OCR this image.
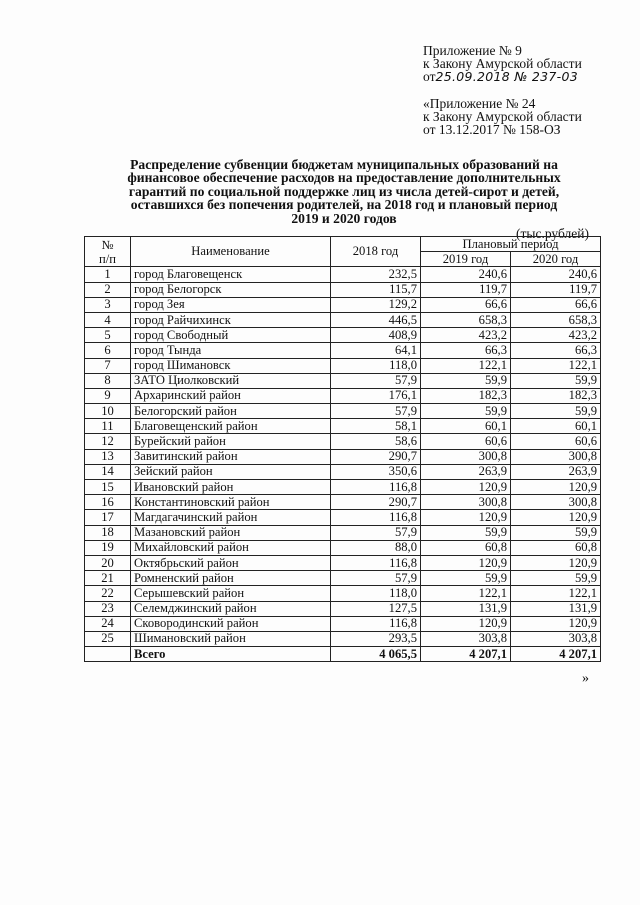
Приложение № 9
к Закону Амурской области
от25.09.2018 № 237-03
«Приложение № 24
к Закону Амурской области
от 13.12.2017 № 158-ОЗ
Распределение субвенции бюджетам муниципальных образований на
финансовое обеспечение расходов на предоставление дополнительных
гарантий по социальной поддержке лиц из числа детей-сирот и детей,
оставшихся без попечения родителей, на 2018 год и плановый период
2019 и 2020 годов
(тыс.рублей)
№
п/п	Наименование	2018 год	Плановый период	
			2019 год	2020 год
1	город Благовещенск	232,5	240,6	240,6
2	город Белогорск	115,7	119,7	119,7
3	город Зея	129,2	66,6	66,6
4	город Райчихинск	446,5	658,3	658,3
5	город Свободный	408,9	423,2	423,2
6	город Тында	64,1	66,3	66,3
7	город Шимановск	118,0	122,1	122,1
8	ЗАТО Циолковский	57,9	59,9	59,9
9	Архаринский район	176,1	182,3	182,3
10	Белогорский район	57,9	59,9	59,9
11	Благовещенский район	58,1	60,1	60,1
12	Бурейский район	58,6	60,6	60,6
13	Завитинский район	290,7	300,8	300,8
14	Зейский район	350,6	263,9	263,9
15	Ивановский район	116,8	120,9	120,9
16	Константиновский район	290,7	300,8	300,8
17	Магдагачинский район	116,8	120,9	120,9
18	Мазановский район	57,9	59,9	59,9
19	Михайловский район	88,0	60,8	60,8
20	Октябрьский район	116,8	120,9	120,9
21	Ромненский район	57,9	59,9	59,9
22	Серышевский район	118,0	122,1	122,1
23	Селемджинский район	127,5	131,9	131,9
24	Сковородинский район	116,8	120,9	120,9
25	Шимановский район	293,5	303,8	303,8
	Всего	4 065,5	4 207,1	4 207,1
»
